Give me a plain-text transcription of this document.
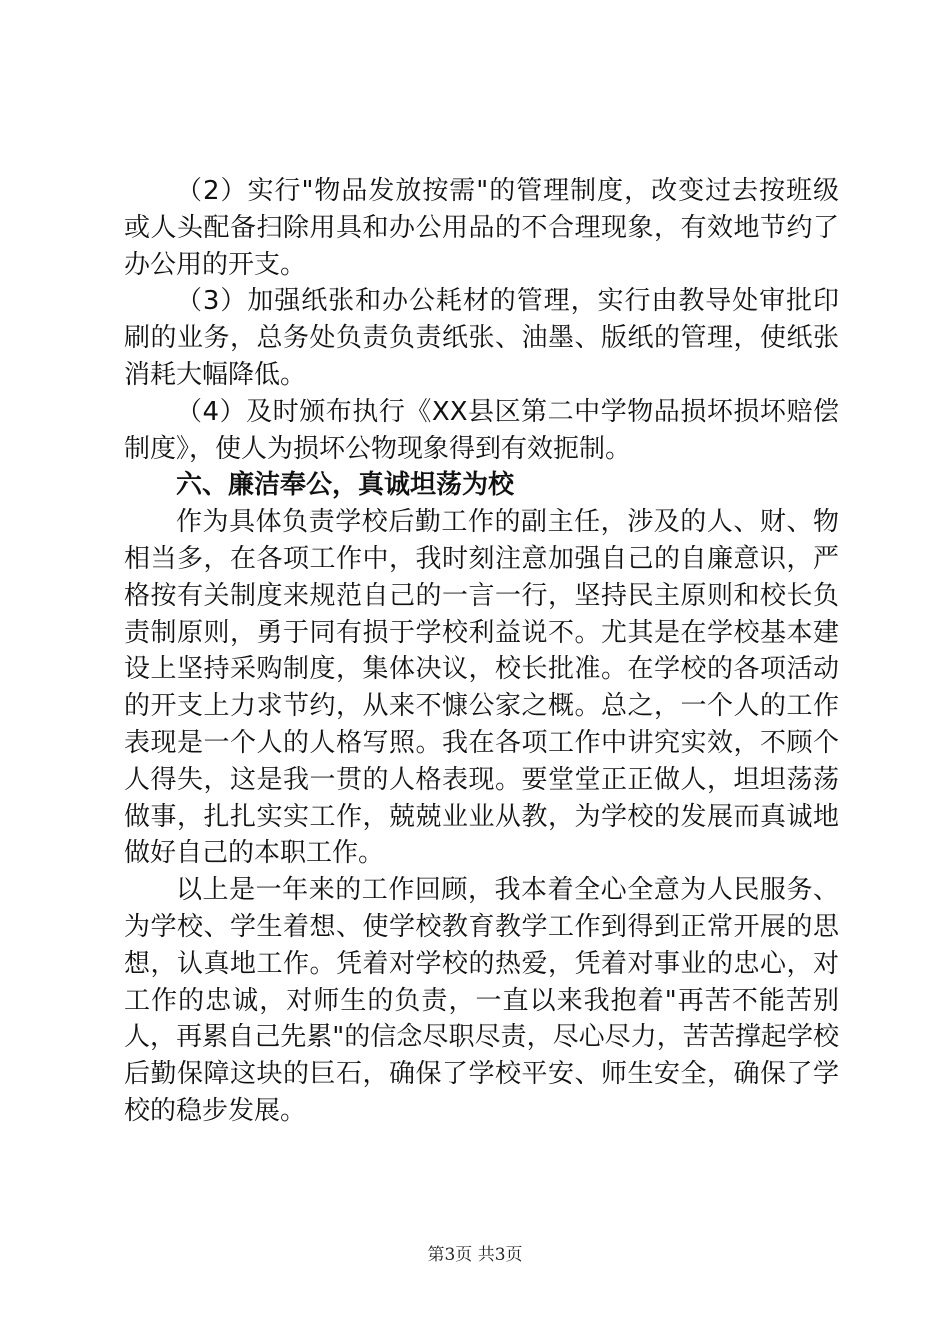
（2）实行"物品发放按需"的管理制度，改变过去按班级或人头配备扫除用具和办公用品的不合理现象，有效地节约了办公用的开支。

（3）加强纸张和办公耗材的管理，实行由教导处审批印刷的业务，总务处负责负责纸张、油墨、版纸的管理，使纸张消耗大幅降低。

（4）及时颁布执行《XX县区第二中学物品损坏损坏赔偿制度》，使人为损坏公物现象得到有效扼制。

六、廉洁奉公，真诚坦荡为校

作为具体负责学校后勤工作的副主任，涉及的人、财、物相当多，在各项工作中，我时刻注意加强自己的自廉意识，严格按有关制度来规范自己的一言一行，坚持民主原则和校长负责制原则，勇于同有损于学校利益说不。尤其是在学校基本建设上坚持采购制度，集体决议，校长批准。在学校的各项活动的开支上力求节约，从来不慷公家之概。总之，一个人的工作表现是一个人的人格写照。我在各项工作中讲究实效，不顾个人得失，这是我一贯的人格表现。要堂堂正正做人，坦坦荡荡做事，扎扎实实工作，兢兢业业从教，为学校的发展而真诚地做好自己的本职工作。

以上是一年来的工作回顾，我本着全心全意为人民服务、为学校、学生着想、使学校教育教学工作到得到正常开展的思想，认真地工作。凭着对学校的热爱，凭着对事业的忠心，对工作的忠诚，对师生的负责，一直以来我抱着"再苦不能苦别人，再累自己先累"的信念尽职尽责，尽心尽力，苦苦撑起学校后勤保障这块的巨石，确保了学校平安、师生安全，确保了学校的稳步发展。

第3页 共3页
